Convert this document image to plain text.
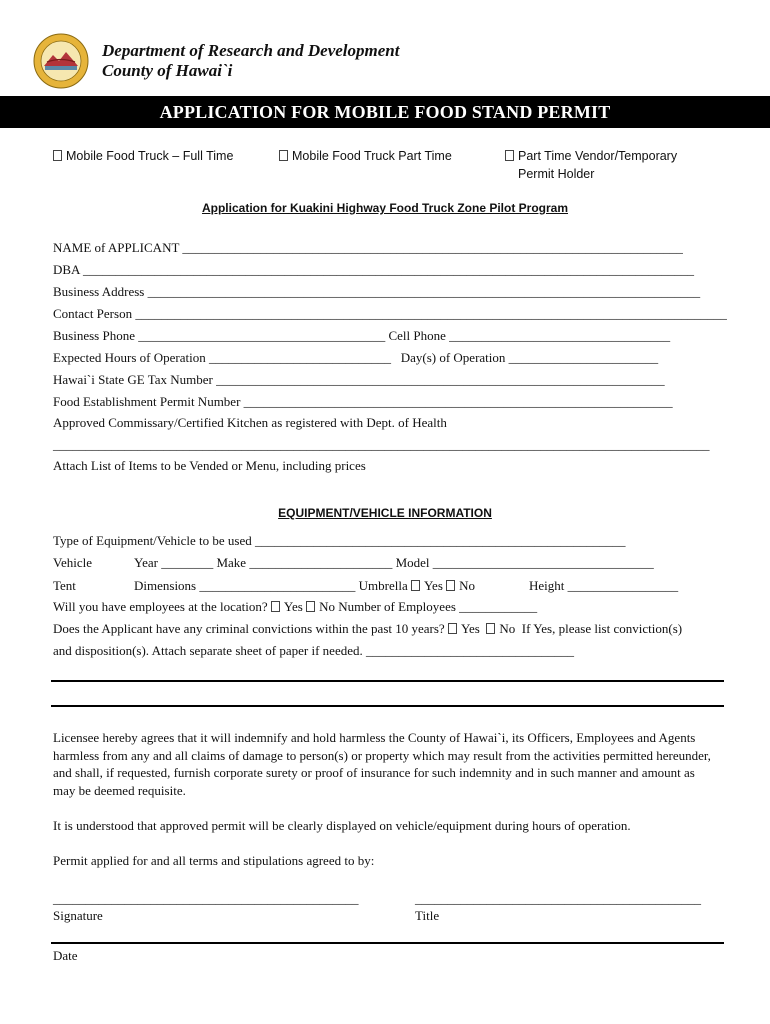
Department of Research and Development
County of Hawai`i
APPLICATION FOR MOBILE FOOD STAND PERMIT
Mobile Food Truck – Full Time	Mobile Food Truck Part Time	Part Time Vendor/Temporary
Permit Holder
Application for Kuakini Highway Food Truck Zone Pilot Program
NAME of APPLICANT _____________________________________________________________________________
DBA ______________________________________________________________________________________________
Business Address _____________________________________________________________________________________
Contact Person ___________________________________________________________________________________________
Business Phone ______________________________________ Cell Phone __________________________________
Expected Hours of Operation ____________________________ Day(s) of Operation _______________________
Hawai`i State GE Tax Number _____________________________________________________________________
Food Establishment Permit Number __________________________________________________________________
Approved Commissary/Certified Kitchen as registered with Dept. of Health
_____________________________________________________________________________________________________
Attach List of Items to be Vended or Menu, including prices
EQUIPMENT/VEHICLE INFORMATION
Type of Equipment/Vehicle to be used _________________________________________________________
Vehicle	Year ________ Make ______________________ Model __________________________________
Tent	Dimensions ________________________ Umbrella Yes No	Height _________________
Will you have employees at the location? Yes No Number of Employees ____________
Does the Applicant have any criminal convictions within the past 10 years? Yes No If Yes, please list conviction(s)
and disposition(s). Attach separate sheet of paper if needed. ________________________________
Licensee hereby agrees that it will indemnify and hold harmless the County of Hawai`i, its Officers, Employees and Agents harmless from any and all claims of damage to person(s) or property which may result from the activities permitted hereunder, and shall, if requested, furnish corporate surety or proof of insurance for such indemnity and in such manner and amount as may be deemed requisite.
It is understood that approved permit will be clearly displayed on vehicle/equipment during hours of operation.
Permit applied for and all terms and stipulations agreed to by:
_______________________________________________	____________________________________________
Signature	Title
Date
